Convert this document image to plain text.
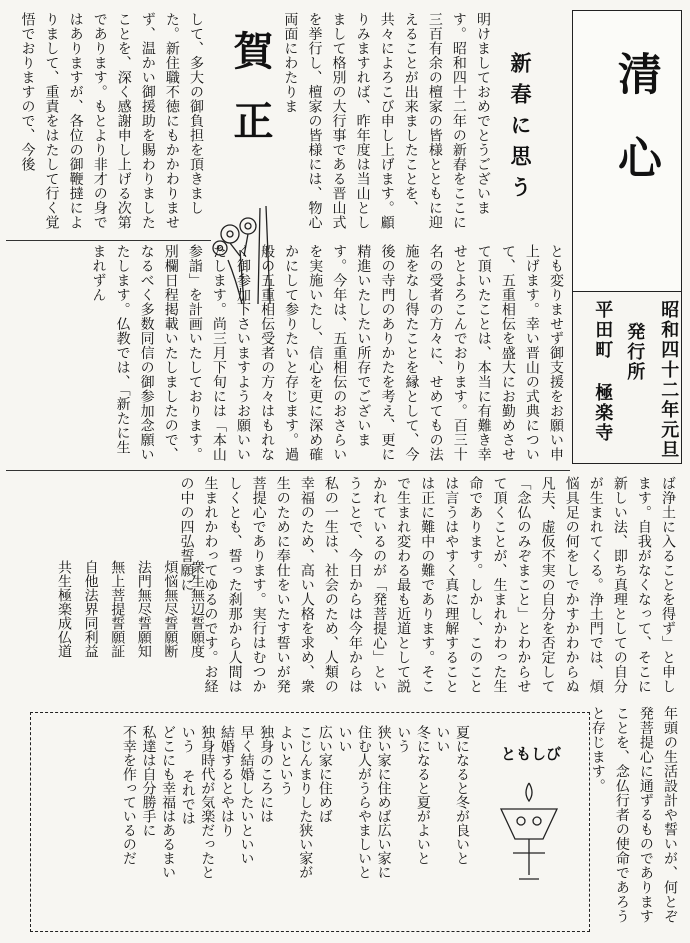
清心
昭和四十二年元旦
発行所
平田町 極楽寺
新春に思う
明けましておめでとうございます。昭和四十二年の新春をここに三百有余の檀家の皆様とともに迎えることが出来ましたことを、共々によろこび申し上げます。顧りみますれば、昨年度は当山としまして格別の大行事である晋山式を挙行し、檀家の皆様には、物心両面にわたりま
賀正
して、多大の御負担を頂きました。新住職不徳にもかかわりませず、温かい御援助を賜わりましたことを、深く感謝申し上げる次第であります。もとより非才の身ではありますが、各位の御鞭撻によりまして、重責をはたして行く覚悟でおりますので、今後
とも変りませず御支援をお願い申上げます。幸い晋山の式典について、五重相伝を盛大にお勤めさせて頂いたことは、本当に有難き幸せとよろこんでおります。百三十名の受者の方々に、せめてもの法施をなし得たことを縁として、今後の寺門のありかたを考え、更に精進いたしたい所存でございます。今年は、五重相伝のおさらいを実施いたし、信心を更に深め確かにして参りたいと存じます。過般の五重相伝受者の方々はもれなく御参加下さいますようお願いいたします。尚三月下旬には「本山参詣」を計画いたしております。別欄日程掲載いたしましたので、なるべく多数同信の御参加念願いたします。仏教では、「新たに生まれずん
ば浄土に入ることを得ず」と申します。自我がなくなって、そこに新しい法、即ち真理としての自分が生まれてくる。浄土門では、煩悩具足の何をしでかすかわからぬ凡夫、虚仮不実の自分を否定して「念仏のみぞまこと」とわからせて頂くことが、生まれかわった生命であります。しかし、このことは言うはやすく真に理解することは正に難中の難であります。そこで生まれ変わる最も近道として説かれているのが「発菩提心」ということで、今日からは今年からは私の一生は、社会のため、人類の幸福のため、高い人格を求め、衆生のために奉仕をいたす誓いが発菩提心であります。実行はむつかしくとも、誓った刹那から人間は生まれかわってゆるのです。お経の中の四弘誓願に
衆生無辺誓願度
煩悩無尽誓願断
法門無尽誓願知
無上菩提誓願証
自他法界同利益
共生極楽成仏道
年頭の生活設計や誓いが、何とぞ発菩提心に通ずるものでありますことを、念仏行者の使命であろうと存じます。
ともしび
夏になると冬が良いと
いい
冬になると夏がよいと
いう
狭い家に住めば広い家に
住む人がうらやましいと
いい
広い家に住めば
こじんまりした狭い家が
よいという
独身のころには
早く結婚したいといい
結婚するとやはり
独身時代が気楽だったと
いう それでは
どこにも幸福はあるまい
私達は自分勝手に
不幸を作っているのだ
